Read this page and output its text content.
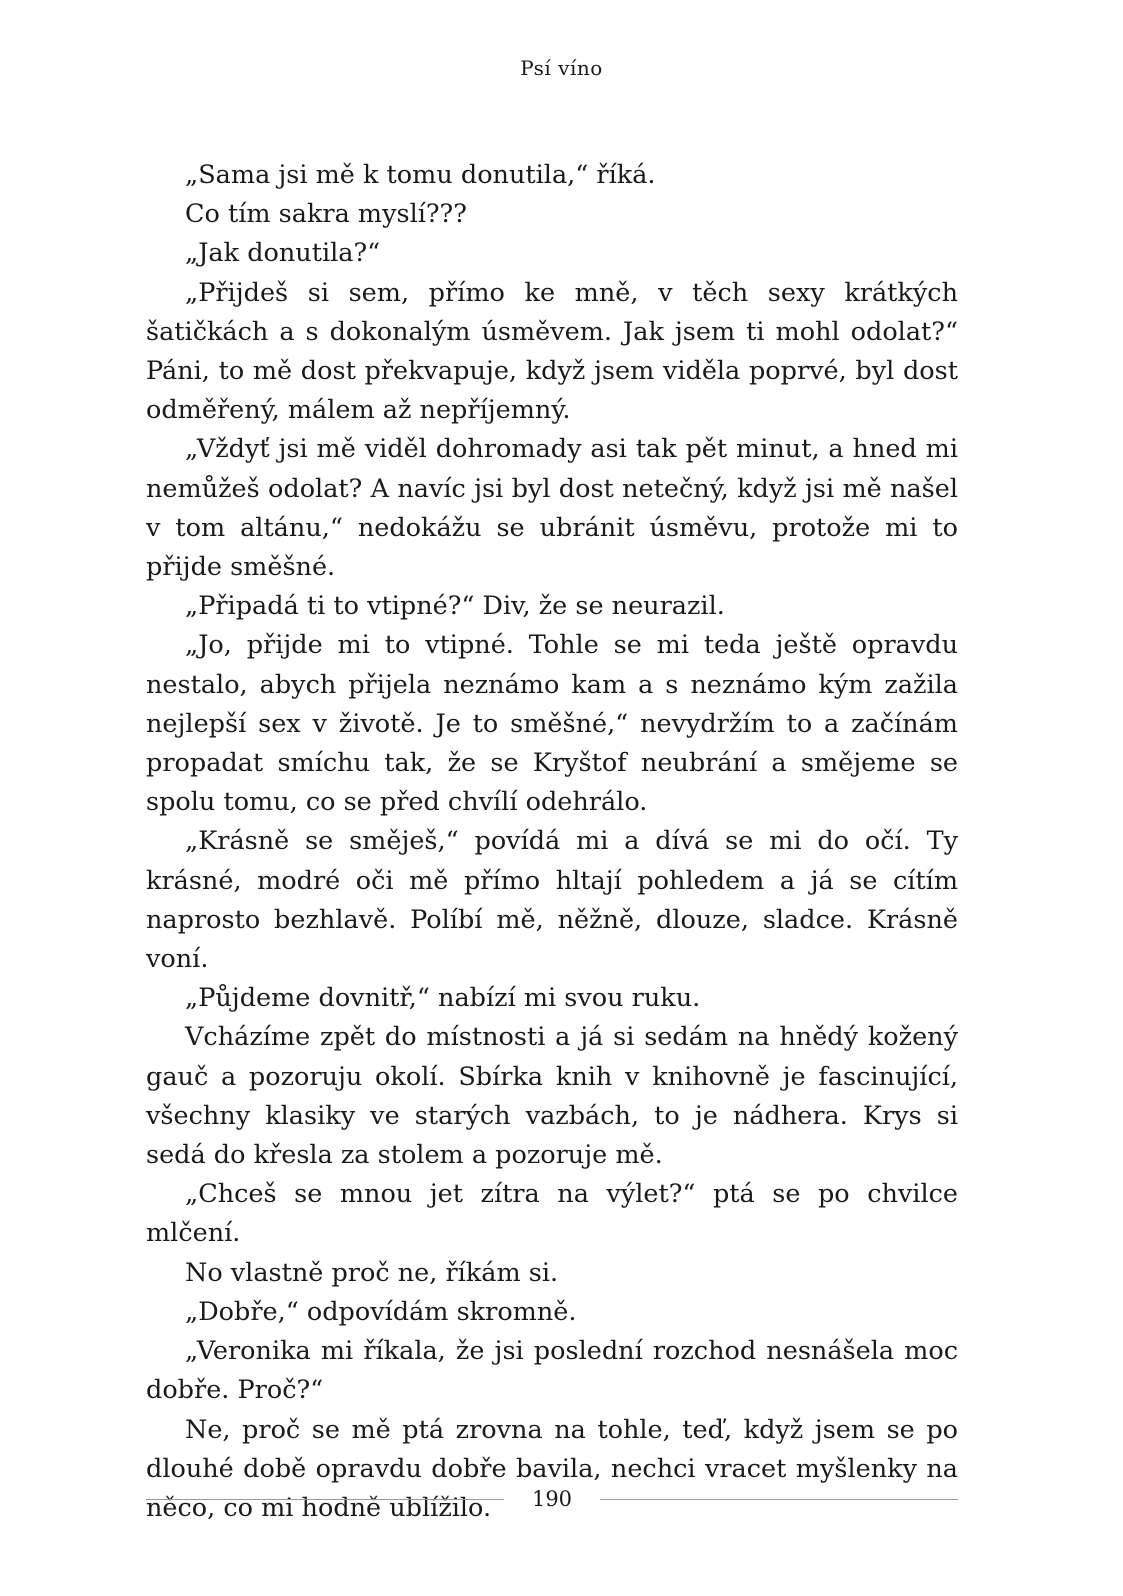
Psí víno

„Sama jsi mě k tomu donutila,“ říká.

Co tím sakra myslí???

„Jak donutila?“

„Přijdeš si sem, přímo ke mně, v těch sexy krátkých šatičkách a s dokonalým úsměvem. Jak jsem ti mohl odolat?“ Páni, to mě dost překvapuje, když jsem viděla poprvé, byl dost odměřený, málem až nepříjemný.

„Vždyť jsi mě viděl dohromady asi tak pět minut, a hned mi nemůžeš odolat? A navíc jsi byl dost netečný, když jsi mě našel v tom altánu,“ nedokážu se ubránit úsměvu, protože mi to přijde směšné.

„Připadá ti to vtipné?“ Div, že se neurazil.

„Jo, přijde mi to vtipné. Tohle se mi teda ještě opravdu nestalo, abych přijela neznámo kam a s neznámo kým zažila nejlepší sex v životě. Je to směšné,“ nevydržím to a začínám propadat smíchu tak, že se Kryštof neubrání a smějeme se spolu tomu, co se před chvílí odehrálo.

„Krásně se směješ,“ povídá mi a dívá se mi do očí. Ty krásné, modré oči mě přímo hltají pohledem a já se cítím naprosto bezhlavě. Políbí mě, něžně, dlouze, sladce. Krásně voní.

„Půjdeme dovnitř,“ nabízí mi svou ruku.

Vcházíme zpět do místnosti a já si sedám na hnědý kožený gauč a pozoruju okolí. Sbírka knih v knihovně je fascinující, všechny klasiky ve starých vazbách, to je nádhera. Krys si sedá do křesla za stolem a pozoruje mě.

„Chceš se mnou jet zítra na výlet?“ ptá se po chvilce mlčení.

No vlastně proč ne, říkám si.

„Dobře,“ odpovídám skromně.

„Veronika mi říkala, že jsi poslední rozchod nesnášela moc dobře. Proč?“

Ne, proč se mě ptá zrovna na tohle, teď, když jsem se po dlouhé době opravdu dobře bavila, nechci vracet myšlenky na něco, co mi hodně ublížilo.	190
